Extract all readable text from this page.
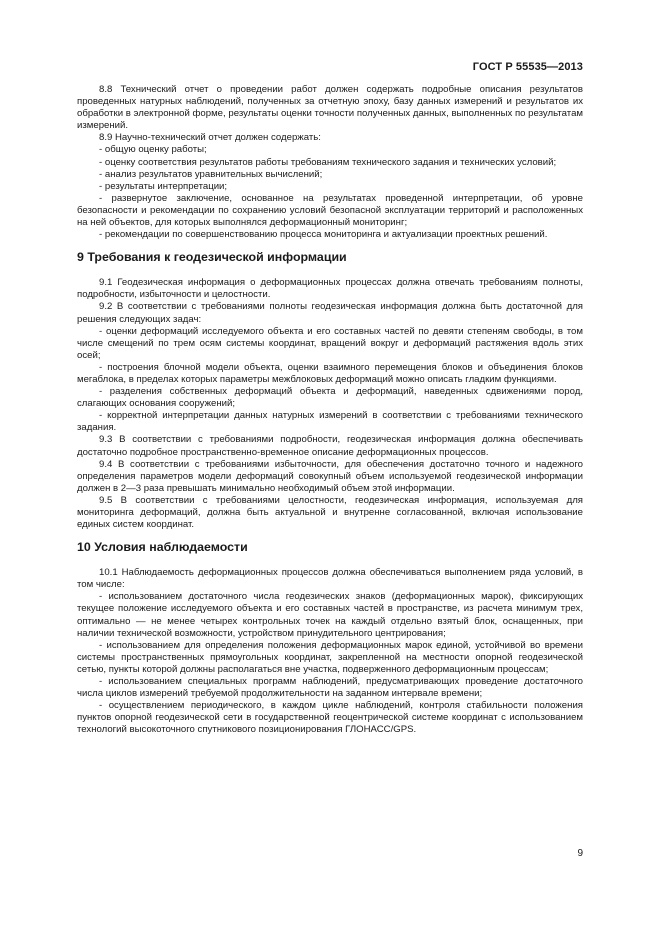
ГОСТ Р 55535—2013

8.8 Технический отчет о проведении работ должен содержать подробные описания результатов проведенных натурных наблюдений, полученных за отчетную эпоху, базу данных измерений и результатов их обработки в электронной форме, результаты оценки точности полученных данных, выполненных по результатам измерений.

8.9 Научно-технический отчет должен содержать:

- общую оценку работы;

- оценку соответствия результатов работы требованиям технического задания и технических условий;

- анализ результатов уравнительных вычислений;

- результаты интерпретации;

- развернутое заключение, основанное на результатах проведенной интерпретации, об уровне безопасности и рекомендации по сохранению условий безопасной эксплуатации территорий и расположенных на ней объектов, для которых выполнялся деформационный мониторинг;

- рекомендации по совершенствованию процесса мониторинга и актуализации проектных решений.

9 Требования к геодезической информации

9.1 Геодезическая информация о деформационных процессах должна отвечать требованиям полноты, подробности, избыточности и целостности.

9.2 В соответствии с требованиями полноты геодезическая информация должна быть достаточной для решения следующих задач:

- оценки деформаций исследуемого объекта и его составных частей по девяти степеням свободы, в том числе смещений по трем осям системы координат, вращений вокруг и деформаций растяжения вдоль этих осей;

- построения блочной модели объекта, оценки взаимного перемещения блоков и объединения блоков мегаблока, в пределах которых параметры межблоковых деформаций можно описать гладким функциями.

- разделения собственных деформаций объекта и деформаций, наведенных сдвижениями пород, слагающих основания сооружений;

- корректной интерпретации данных натурных измерений в соответствии с требованиями технического задания.

9.3 В соответствии с требованиями подробности, геодезическая информация должна обеспечивать достаточно подробное пространственно-временное описание деформационных процессов.

9.4 В соответствии с требованиями избыточности, для обеспечения достаточно точного и надежного определения параметров модели деформаций совокупный объем используемой геодезической информации должен в 2—3 раза превышать минимально необходимый объем этой информации.

9.5 В соответствии с требованиями целостности, геодезическая информация, используемая для мониторинга деформаций, должна быть актуальной и внутренне согласованной, включая использование единых систем координат.

10 Условия наблюдаемости

10.1 Наблюдаемость деформационных процессов должна обеспечиваться выполнением ряда условий, в том числе:

- использованием достаточного числа геодезических знаков (деформационных марок), фиксирующих текущее положение исследуемого объекта и его составных частей в пространстве, из расчета минимум трех, оптимально — не менее четырех контрольных точек на каждый отдельно взятый блок, оснащенных, при наличии технической возможности, устройством принудительного центрирования;

- использованием для определения положения деформационных марок единой, устойчивой во времени системы пространственных прямоугольных координат, закрепленной на местности опорной геодезической сетью, пункты которой должны располагаться вне участка, подверженного деформационным процессам;

- использованием специальных программ наблюдений, предусматривающих проведение достаточного числа циклов измерений требуемой продолжительности на заданном интервале времени;

- осуществлением периодического, в каждом цикле наблюдений, контроля стабильности положения пунктов опорной геодезической сети в государственной геоцентрической системе координат с использованием технологий высокоточного спутникового позиционирования ГЛОНАСС/GPS.

9
